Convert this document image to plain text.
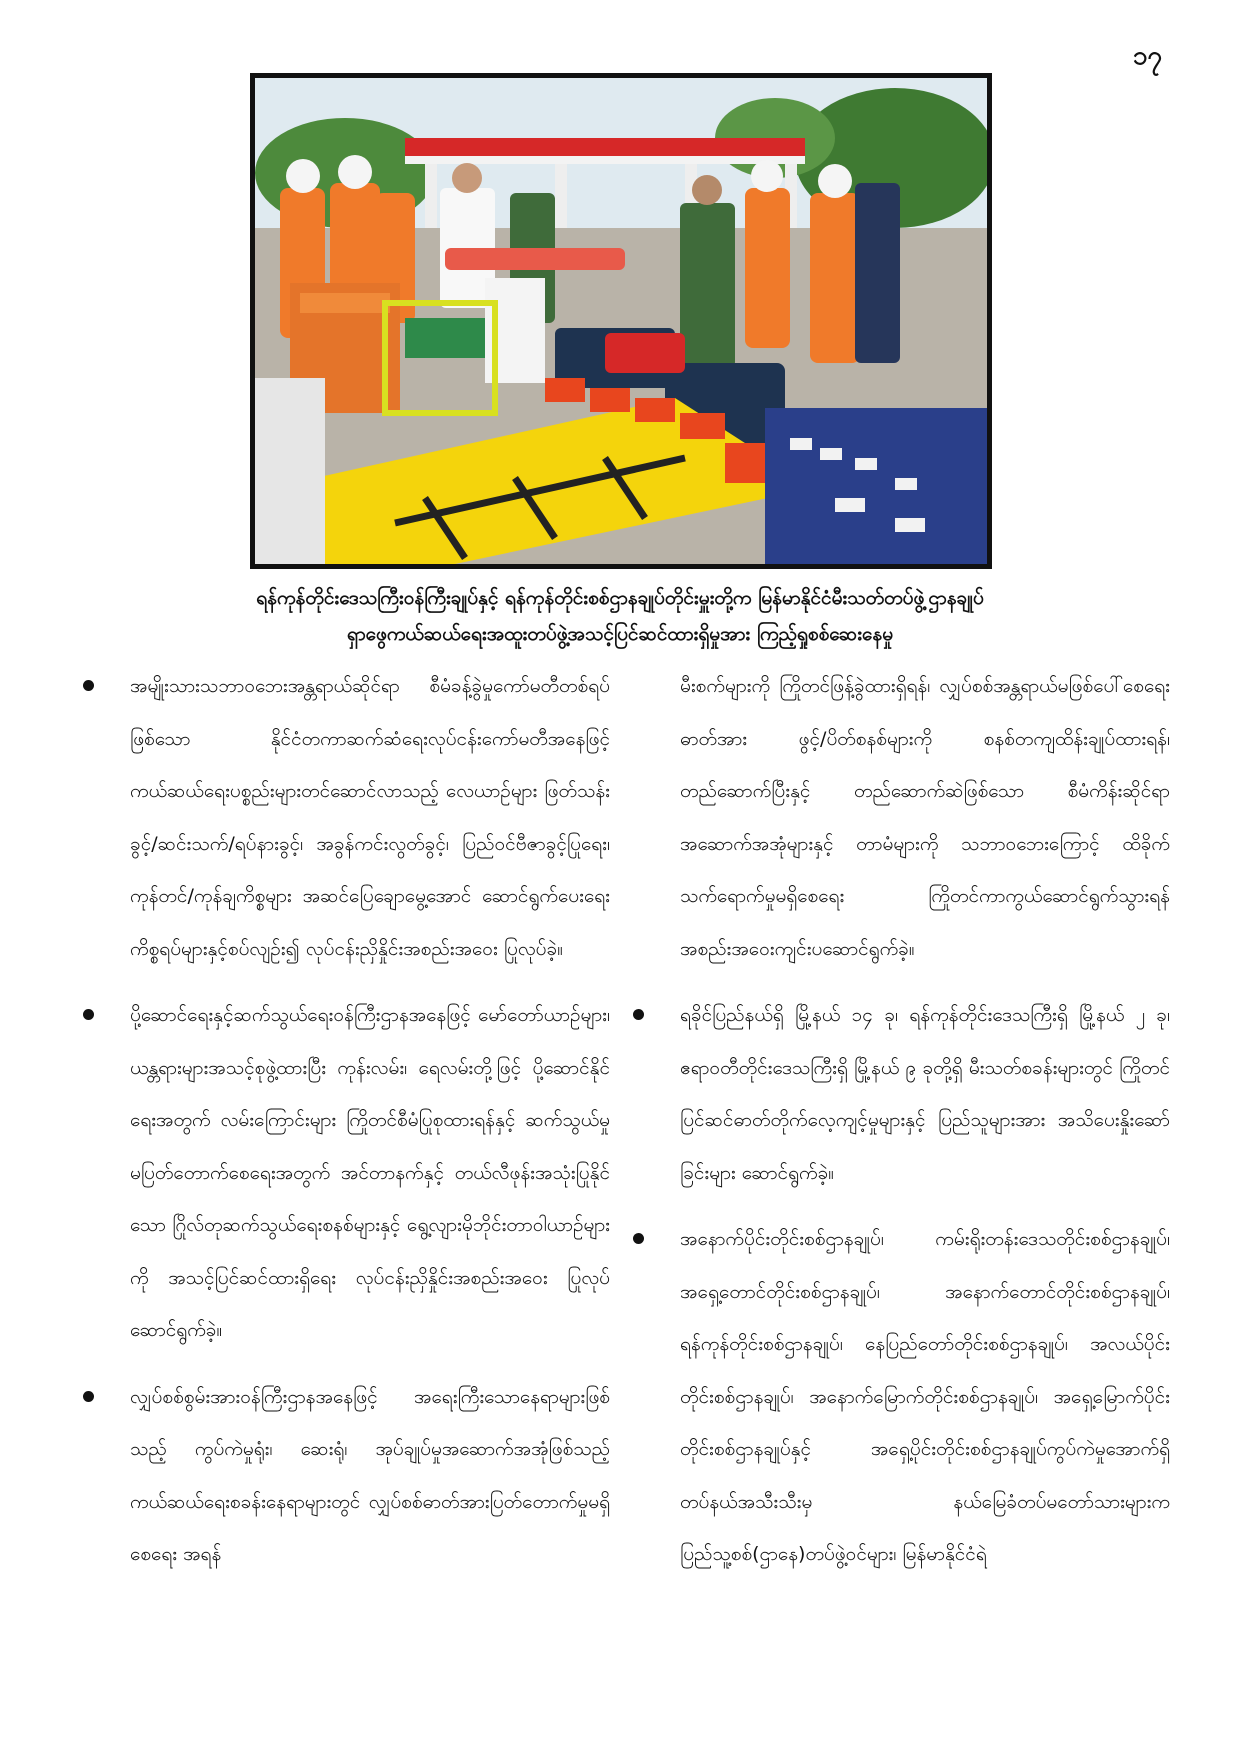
၁၇
ရန်ကုန်တိုင်းဒေသကြီးဝန်ကြီးချုပ်နှင့် ရန်ကုန်တိုင်းစစ်ဌာနချုပ်တိုင်းမှူးတို့က မြန်မာနိုင်ငံမီးသတ်တပ်ဖွဲ့ဌာနချုပ်
ရှာဖွေကယ်ဆယ်ရေးအထူးတပ်ဖွဲ့အသင့်ပြင်ဆင်ထားရှိမှုအား ကြည့်ရှုစစ်ဆေးနေမှု

အမျိုးသားသဘာဝဘေးအန္တရာယ်ဆိုင်ရာ စီမံခန့်ခွဲမှုကော်မတီတစ်ရပ်ဖြစ်သော နိုင်ငံတကာဆက်ဆံရေးလုပ်ငန်းကော်မတီအနေဖြင့် ကယ်ဆယ်ရေးပစ္စည်းများတင်ဆောင်လာသည့် လေယာဉ်များ ဖြတ်သန်းခွင့်/ဆင်းသက်/ရပ်နားခွင့်၊ အခွန်ကင်းလွတ်ခွင့်၊ ပြည်ဝင်ဗီဇာခွင့်ပြုရေး၊ ကုန်တင်/ကုန်ချကိစ္စများ အဆင်ပြေချောမွေ့အောင် ဆောင်ရွက်ပေးရေးကိစ္စရပ်များနှင့်စပ်လျဉ်း၍ လုပ်ငန်းညှိနှိုင်းအစည်းအဝေး ပြုလုပ်ခဲ့။

ပို့ဆောင်ရေးနှင့်ဆက်သွယ်ရေးဝန်ကြီးဌာနအနေဖြင့် မော်တော်ယာဉ်များ၊ ယန္တရားများအသင့်စုဖွဲ့ထားပြီး ကုန်းလမ်း၊ ရေလမ်းတို့ဖြင့် ပို့ဆောင်နိုင်ရေးအတွက် လမ်းကြောင်းများ ကြိုတင်စီမံပြုစုထားရန်နှင့် ဆက်သွယ်မှုမပြတ်တောက်စေရေးအတွက် အင်တာနက်နှင့် တယ်လီဖုန်းအသုံးပြုနိုင်သော ဂြိုလ်တုဆက်သွယ်ရေးစနစ်များနှင့် ရွေ့လျားမိုဘိုင်းတာဝါယာဉ်များကို အသင့်ပြင်ဆင်ထားရှိရေး လုပ်ငန်းညှိနှိုင်းအစည်းအဝေး ပြုလုပ်ဆောင်ရွက်ခဲ့။

လျှပ်စစ်စွမ်းအားဝန်ကြီးဌာနအနေဖြင့် အရေးကြီးသောနေရာများဖြစ်သည့် ကွပ်ကဲမှုရုံး၊ ဆေးရုံ၊ အုပ်ချုပ်မှုအဆောက်အအုံဖြစ်သည့် ကယ်ဆယ်ရေးစခန်းနေရာများတွင် လျှပ်စစ်ဓာတ်အားပြတ်တောက်မှုမရှိစေရေး အရန်

မီးစက်များကို ကြိုတင်ဖြန့်ခွဲထားရှိရန်၊ လျှပ်စစ်အန္တရာယ်မဖြစ်ပေါ်စေရေး ဓာတ်အား ဖွင့်/ပိတ်စနစ်များကို စနစ်တကျထိန်းချုပ်ထားရန်၊ တည်ဆောက်ပြီးနှင့် တည်ဆောက်ဆဲဖြစ်သော စီမံကိန်းဆိုင်ရာ အဆောက်အအုံများနှင့် တာမံများကို သဘာဝဘေးကြောင့် ထိခိုက်သက်ရောက်မှုမရှိစေရေး ကြိုတင်ကာကွယ်ဆောင်ရွက်သွားရန် အစည်းအဝေးကျင်းပဆောင်ရွက်ခဲ့။

ရခိုင်ပြည်နယ်ရှိ မြို့နယ် ၁၄ ခု၊ ရန်ကုန်တိုင်းဒေသကြီးရှိ မြို့နယ် ၂ ခု၊ ဧရာဝတီတိုင်းဒေသကြီးရှိ မြို့နယ် ၉ ခုတို့ရှိ မီးသတ်စခန်းများတွင် ကြိုတင်ပြင်ဆင်ဓာတ်တိုက်လေ့ကျင့်မှုများနှင့် ပြည်သူများအား အသိပေးနှိုးဆော်ခြင်းများ ဆောင်ရွက်ခဲ့။

အနောက်ပိုင်းတိုင်းစစ်ဌာနချုပ်၊ ကမ်းရိုးတန်းဒေသတိုင်းစစ်ဌာနချုပ်၊ အရှေ့တောင်တိုင်းစစ်ဌာနချုပ်၊ အနောက်တောင်တိုင်းစစ်ဌာနချုပ်၊ ရန်ကုန်တိုင်းစစ်ဌာနချုပ်၊ နေပြည်တော်တိုင်းစစ်ဌာနချုပ်၊ အလယ်ပိုင်းတိုင်းစစ်ဌာနချုပ်၊ အနောက်မြောက်တိုင်းစစ်ဌာနချုပ်၊ အရှေ့မြောက်ပိုင်းတိုင်းစစ်ဌာနချုပ်နှင့် အရှေ့ပိုင်းတိုင်းစစ်ဌာနချုပ်ကွပ်ကဲမှုအောက်ရှိ တပ်နယ်အသီးသီးမှ နယ်မြေခံတပ်မတော်သားများက ပြည်သူ့စစ်(ဌာနေ)တပ်ဖွဲ့ဝင်များ၊ မြန်မာနိုင်ငံရဲ
